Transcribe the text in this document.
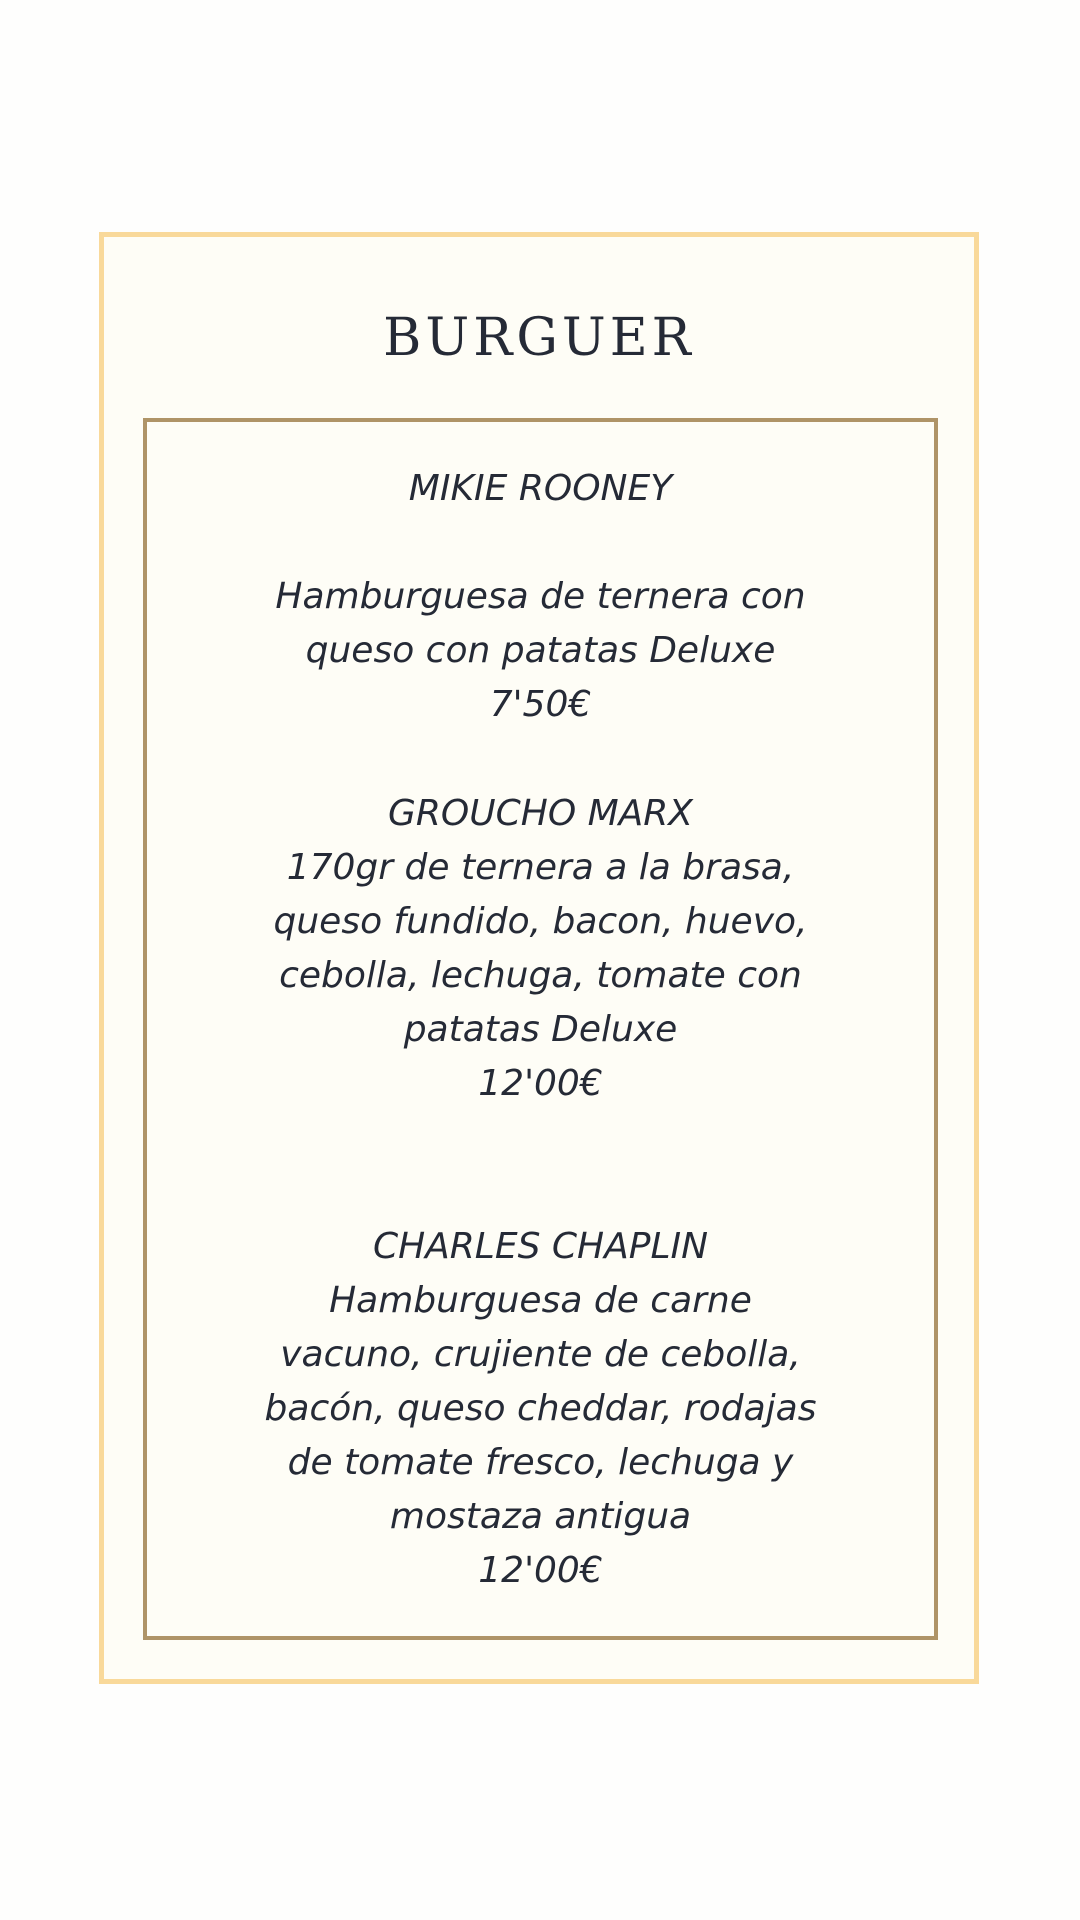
BURGUER
MIKIE ROONEY
Hamburguesa de ternera con queso con patatas Deluxe
7'50€
GROUCHO MARX
170gr de ternera a la brasa, queso fundido, bacon, huevo, cebolla, lechuga, tomate con patatas Deluxe
12'00€
CHARLES CHAPLIN
Hamburguesa de carne vacuno, crujiente de cebolla, bacón, queso cheddar, rodajas de tomate fresco, lechuga y mostaza antigua
12'00€
